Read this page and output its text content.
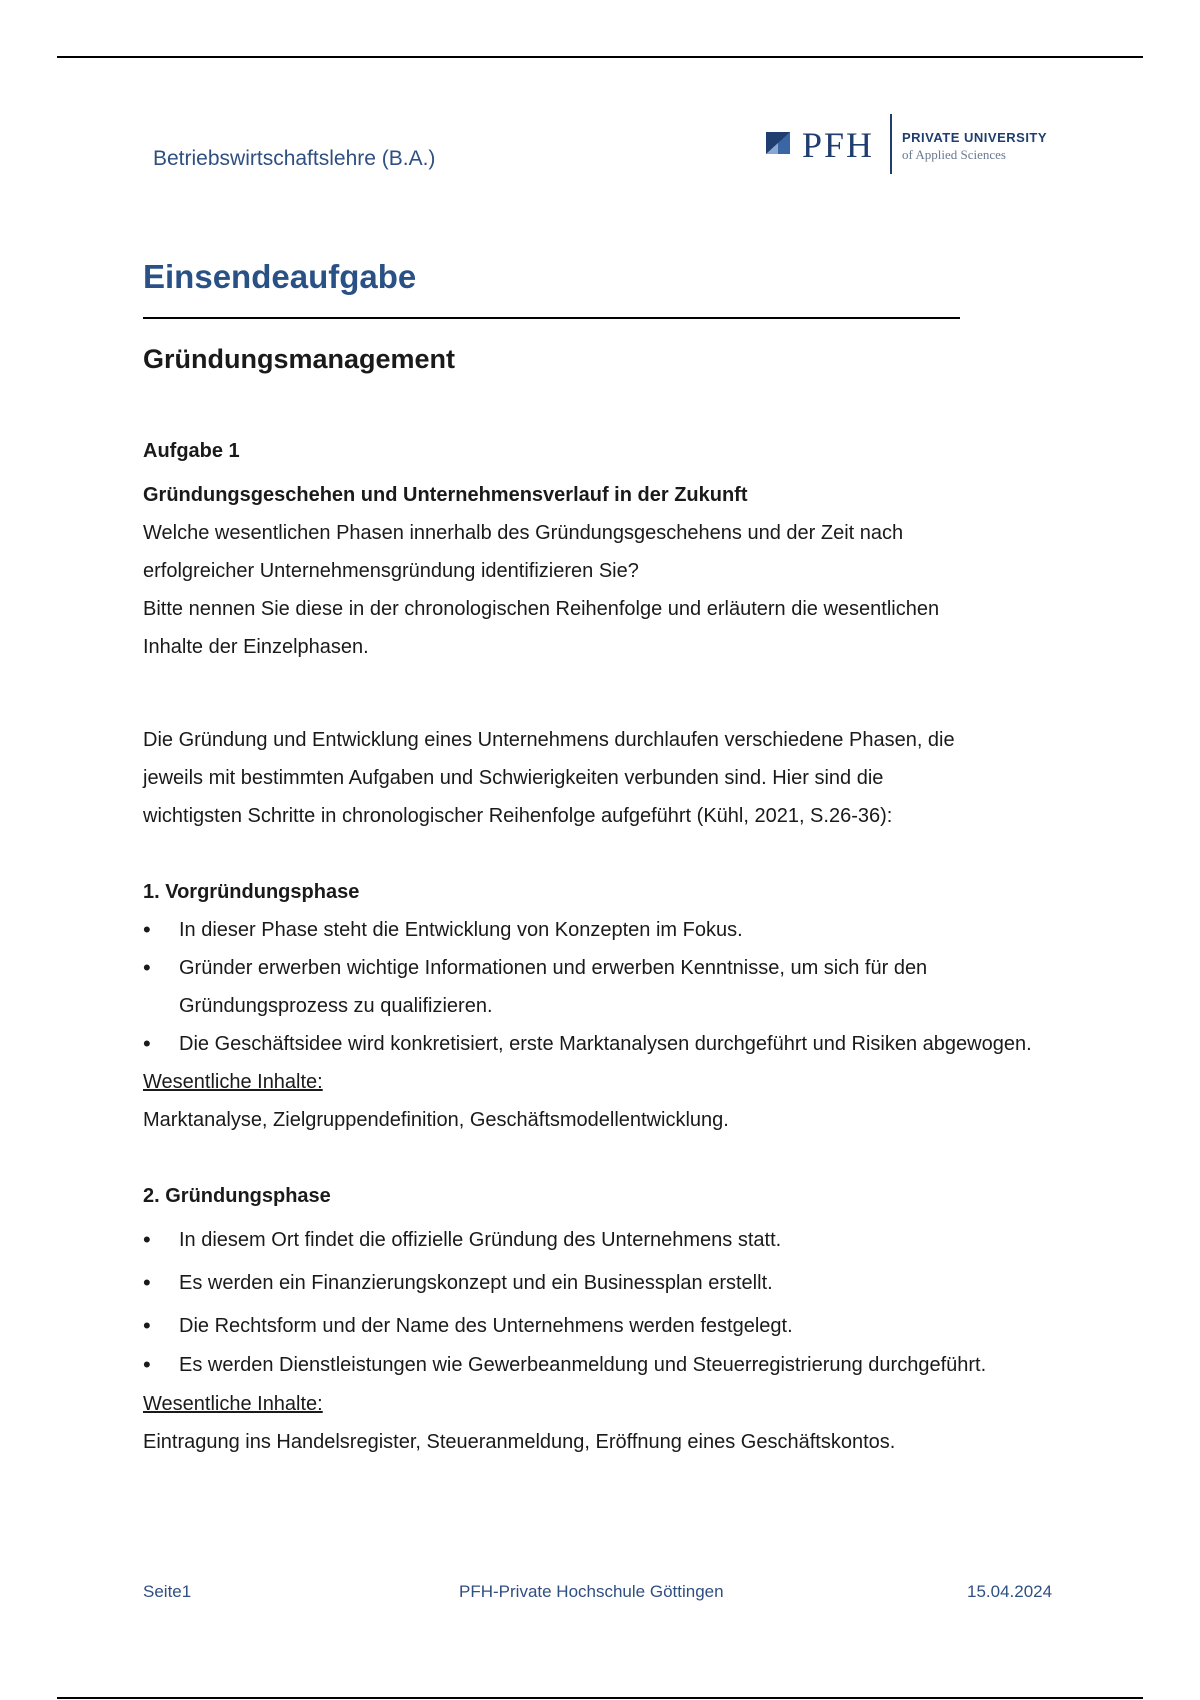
Betriebswirtschaftslehre (B.A.)	PFH PRIVATE UNIVERSITY
of Applied Sciences
Einsendeaufgabe
Gründungsmanagement

Aufgabe 1

Gründungsgeschehen und Unternehmensverlauf in der Zukunft

Welche wesentlichen Phasen innerhalb des Gründungsgeschehens und der Zeit nach

erfolgreicher Unternehmensgründung identifizieren Sie?

Bitte nennen Sie diese in der chronologischen Reihenfolge und erläutern die wesentlichen

Inhalte der Einzelphasen.

Die Gründung und Entwicklung eines Unternehmens durchlaufen verschiedene Phasen, die

jeweils mit bestimmten Aufgaben und Schwierigkeiten verbunden sind. Hier sind die

wichtigsten Schritte in chronologischer Reihenfolge aufgeführt (Kühl, 2021, S.26-36):

1. Vorgründungsphase

• In dieser Phase steht die Entwicklung von Konzepten im Fokus.
• Gründer erwerben wichtige Informationen und erwerben Kenntnisse, um sich für den Gründungsprozess zu qualifizieren.
• Die Geschäftsidee wird konkretisiert, erste Marktanalysen durchgeführt und Risiken abgewogen.

Wesentliche Inhalte:

Marktanalyse, Zielgruppendefinition, Geschäftsmodellentwicklung.

2. Gründungsphase

• In diesem Ort findet die offizielle Gründung des Unternehmens statt.
• Es werden ein Finanzierungskonzept und ein Businessplan erstellt.
• Die Rechtsform und der Name des Unternehmens werden festgelegt.
• Es werden Dienstleistungen wie Gewerbeanmeldung und Steuerregistrierung durchgeführt.

Wesentliche Inhalte:

Eintragung ins Handelsregister, Steueranmeldung, Eröffnung eines Geschäftskontos.

Seite1	PFH-Private Hochschule Göttingen	15.04.2024
